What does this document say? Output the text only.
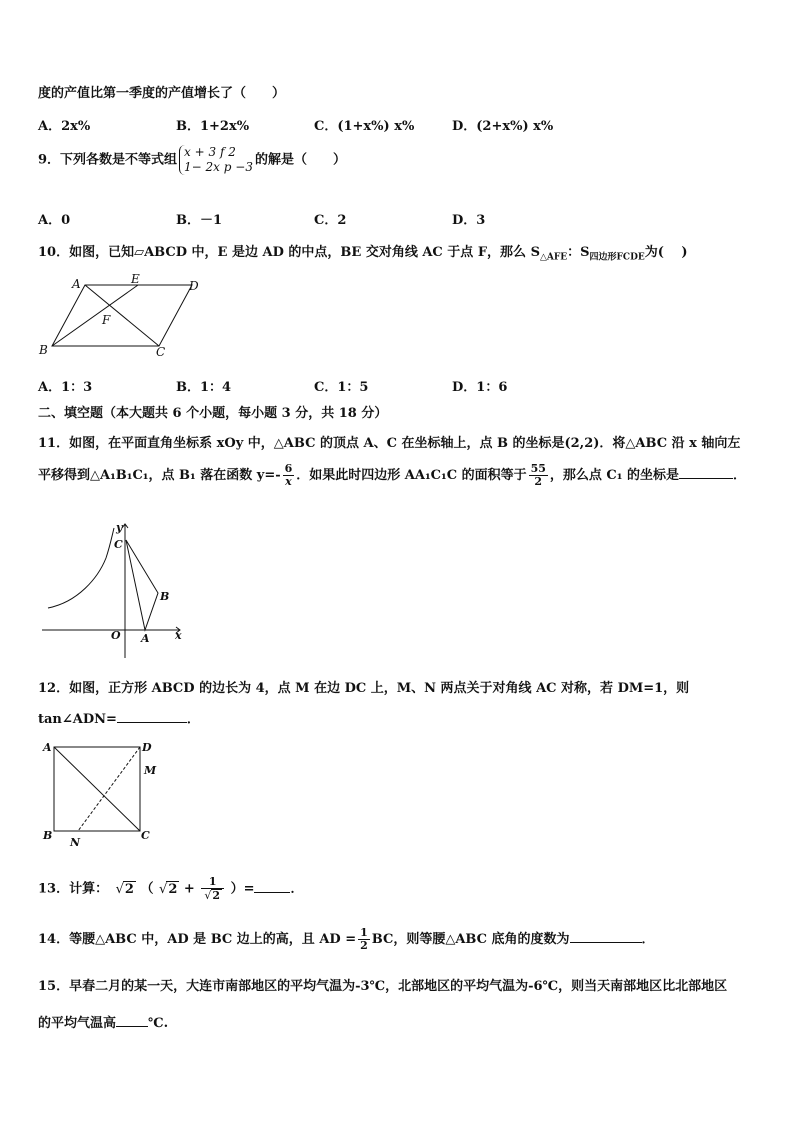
度的产值比第一季度的产值增长了（　　）
A．2x%	B．1+2x%	C．(1+x%) x%	D．(2+x%) x%
9．下列各数是不等式组
x + 3 f 2
1− 2x p −3 的解是（　　）
A．0	B．－1	C．2	D．3
10．如图，已知▱ABCD 中，E 是边 AD 的中点，BE 交对角线 AC 于点 F，那么 $S_{\triangle AFE}$：$S_{四边形FCDE}$为(　 )
A	E	D
F
B	C
A．1：3	B．1：4	C．1：5	D．1：6
二、填空题（本大题共 6 个小题，每小题 3 分，共 18 分）
11．如图，在平面直角坐标系 xOy 中，△ABC 的顶点 A、C 在坐标轴上，点 B 的坐标是(2,2)．将△ABC 沿 x 轴向左
平移得到△A₁B₁C₁，点 B₁ 落在函数 $y=- \frac{6}{x}$ ．如果此时四边形 AA₁C₁C 的面积等于 $\frac{55}{2}$ ，那么点 C₁ 的坐标是	．
y
C
B
O A x
12．如图，正方形 ABCD 的边长为 4，点 M 在边 DC 上，M、N 两点关于对角线 AC 对称，若 DM=1，则
tan∠ADN=	．
A	D
M
B
N
C
13．计算： √ 2 （ √ 2 + 1
√ 2 ）=	．
14．等腰△ABC 中，AD 是 BC 边上的高，且 AD = $\frac{1}{2}$ BC，则等腰△ABC 底角的度数为	．
15．早春二月的某一天，大连市南部地区的平均气温为-3℃，北部地区的平均气温为-6℃，则当天南部地区比北部地区
的平均气温高 ℃.
